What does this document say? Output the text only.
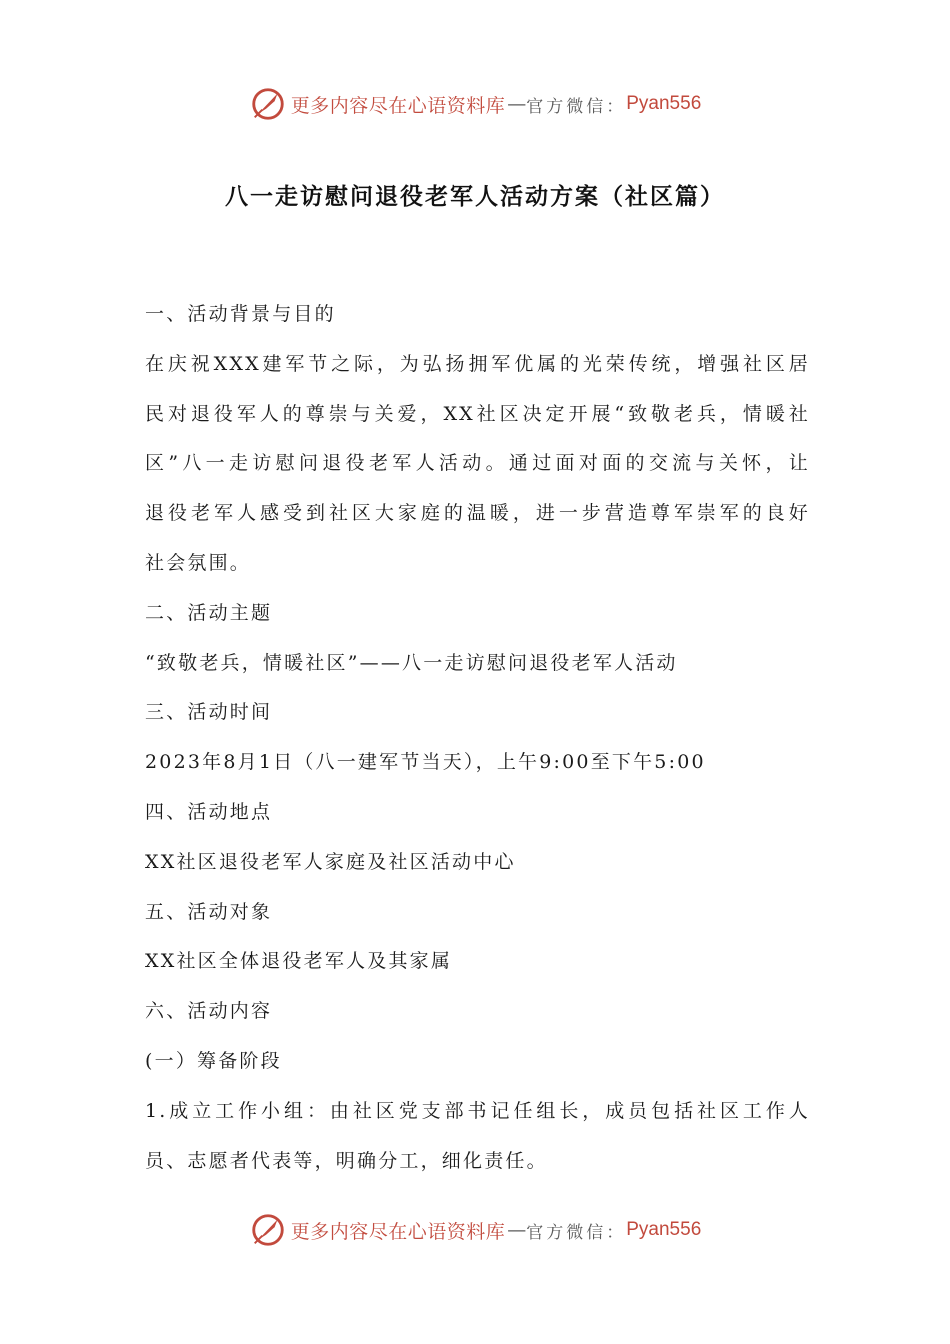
更多内容尽在心语资料库 — 官方微信： Pyan556
八一走访慰问退役老军人活动方案（社区篇）
一、活动背景与目的
在庆祝XXX建军节之际，为弘扬拥军优属的光荣传统，增强社区居
民对退役军人的尊崇与关爱，XX社区决定开展“致敬老兵，情暖社
区”八一走访慰问退役老军人活动。通过面对面的交流与关怀，让
退役老军人感受到社区大家庭的温暖，进一步营造尊军崇军的良好
社会氛围。
二、活动主题
“致敬老兵，情暖社区”——八一走访慰问退役老军人活动
三、活动时间
2023年8月1日（八一建军节当天），上午9:00至下午5:00
四、活动地点
XX社区退役老军人家庭及社区活动中心
五、活动对象
XX社区全体退役老军人及其家属
六、活动内容
(一）筹备阶段
1.成立工作小组：由社区党支部书记任组长，成员包括社区工作人
员、志愿者代表等，明确分工，细化责任。
更多内容尽在心语资料库 — 官方微信： Pyan556
